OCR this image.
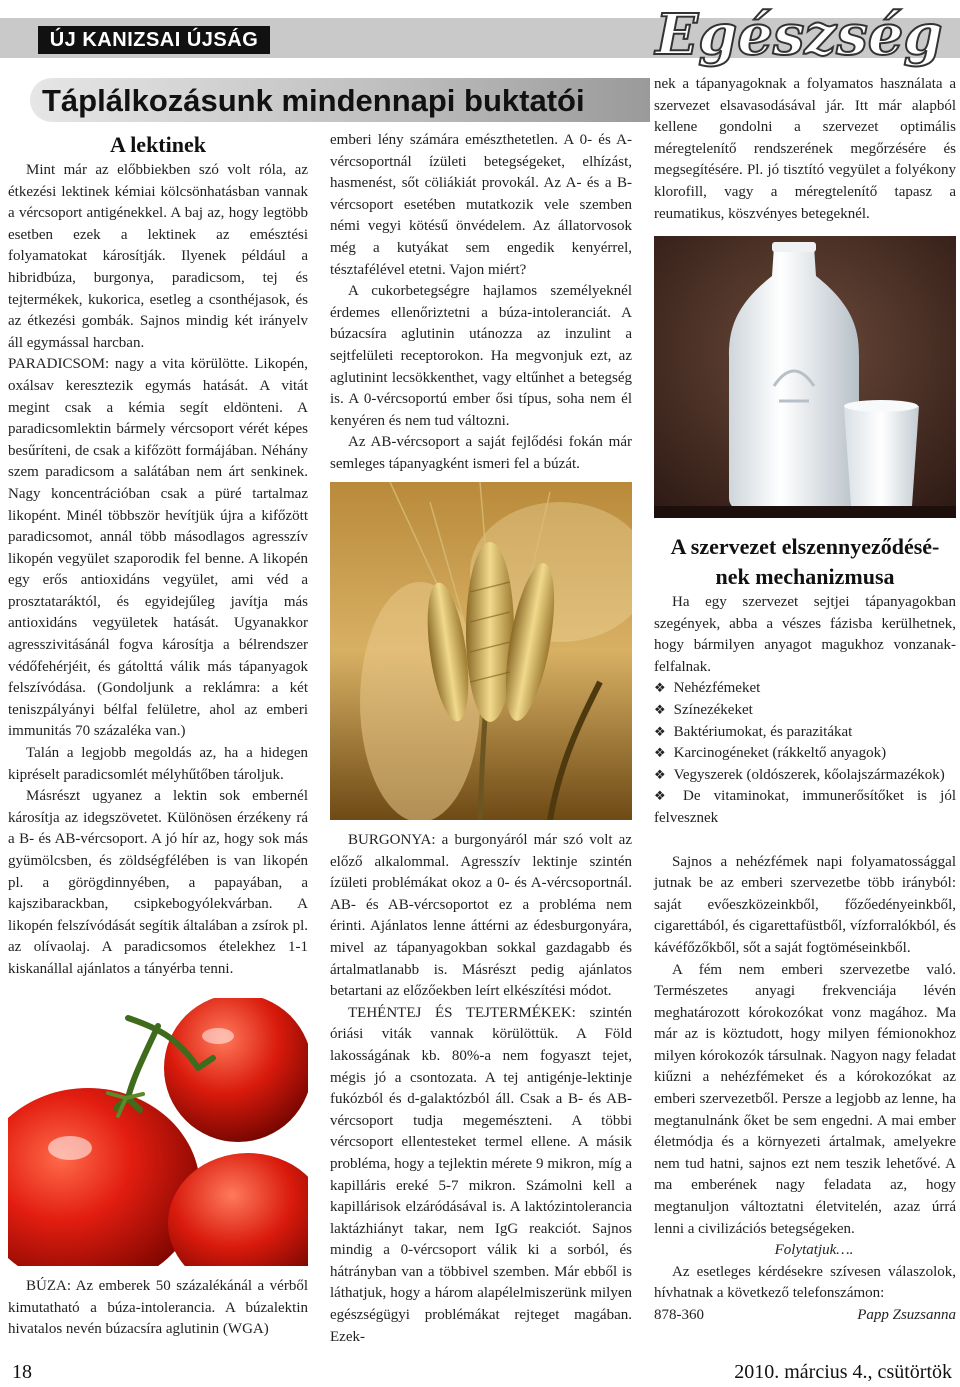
ÚJ KANIZSAI ÚJSÁG	Egészség
Táplálkozásunk mindennapi buktatói
A lektinek

Mint már az előbbiekben szó volt róla, az étkezési lektinek kémiai kölcsönhatásban vannak a vércsoport antigénekkel. A baj az, hogy legtöbb esetben ezek a lektinek az emésztési folyamatokat károsítják. Ilyenek például a hibridbúza, burgonya, paradicsom, tej és tejtermékek, kukorica, esetleg a csonthéjasok, és az étkezési gombák. Sajnos mindig két irányelv áll egymással harcban.

PARADICSOM: nagy a vita körülötte. Likopén, oxálsav keresztezik egymás hatását. A vitát megint csak a kémia segít eldönteni. A paradicsomlektin bármely vércsoport vérét képes besűríteni, de csak a kifőzött formájában. Néhány szem paradicsom a salátában nem árt senkinek. Nagy koncentrációban csak a püré tartalmaz likopént. Minél többször hevítjük újra a kifőzött paradicsomot, annál több másodlagos agresszív likopén vegyület szaporodik fel benne. A likopén egy erős antioxidáns vegyület, ami véd a prosztataráktól, és egyidejűleg javítja más antioxidáns vegyületek hatását. Ugyanakkor agresszivitásánál fogva károsítja a bélrendszer védőfehérjéit, és gátolttá válik más tápanyagok felszívódása. (Gondoljunk a reklámra: a két teniszpályányi bélfal felületre, ahol az emberi immunitás 70 százaléka van.)

Talán a legjobb megoldás az, ha a hidegen kipréselt paradicsomlét mélyhűtőben tároljuk.

Másrészt ugyanez a lektin sok embernél károsítja az idegszövetet. Különösen érzékeny rá a B- és AB-vércsoport. A jó hír az, hogy sok más gyümölcsben, és zöldségfélében is van likopén pl. a görögdinnyében, a papayában, a kajszibarackban, csipkebogyólekvárban. A likopén felszívódását segítik általában a zsírok pl. az olívaolaj. A paradicsomos ételekhez 1-1 kiskanállal ajánlatos a tányérba tenni.

BÚZA: Az emberek 50 százalékánál a vérből kimutatható a búza-intolerancia. A búzalektin hivatalos nevén búzacsíra aglutinin (WGA)

emberi lény számára emészthetetlen. A 0- és A-vércsoportnál ízületi betegségeket, elhízást, hasmenést, sőt cöliákiát provokál. Az A- és a B-vércsoport esetében mutatkozik vele szemben némi vegyi kötésű önvédelem. Az állatorvosok még a kutyákat sem engedik kenyérrel, tésztafélével etetni. Vajon miért?

A cukorbetegségre hajlamos személyeknél érdemes ellenőriztetni a búza-intoleranciát. A búzacsíra aglutinin utánozza az inzulint a sejtfelületi receptorokon. Ha megvonjuk ezt, az aglutinint lecsökkenthet, vagy eltűnhet a betegség is. A 0-vércsoportú ember ősi típus, soha nem él kenyéren és nem tud változni.

Az AB-vércsoport a saját fejlődési fokán már semleges tápanyagként ismeri fel a búzát.

BURGONYA: a burgonyáról már szó volt az előző alkalommal. Agresszív lektinje szintén ízületi problémákat okoz a 0- és A-vércsoportnál. AB- és AB-vércsoportot ez a probléma nem érinti. Ajánlatos lenne áttérni az édesburgonyára, mivel az tápanyagokban sokkal gazdagabb és ártalmatlanabb is. Másrészt pedig ajánlatos betartani az előzőekben leírt elkészítési módot.

TEHÉNTEJ ÉS TEJTERMÉKEK: szintén óriási viták vannak körülöttük. A Föld lakosságának kb. 80%-a nem fogyaszt tejet, mégis jó a csontozata. A tej antigénje-lektinje fukózból és d-galaktózból áll. Csak a B- és AB-vércsoport tudja megemészteni. A többi vércsoport ellentesteket termel ellene. A másik probléma, hogy a tejlektin mérete 9 mikron, míg a kapilláris ereké 5-7 mikron. Számolni kell a kapillárisok elzáródásával is. A laktózintolerancia laktázhiányt takar, nem IgG reakciót. Sajnos mindig a 0-vércsoport válik ki a sorból, és hátrányban van a többivel szemben. Már ebből is láthatjuk, hogy a három alapélelmiszerünk milyen egészségügyi problémákat rejteget magában. Ezek-

nek a tápanyagoknak a folyamatos használata a szervezet elsavasodásával jár. Itt már alapból kellene gondolni a szervezet optimális méregtelenítő rendszerének megőrzésére és megsegítésére. Pl. jó tisztító vegyület a folyékony klorofill, vagy a méregtelenítő tapasz a reumatikus, köszvényes betegeknél.

A szervezet elszennyeződésé-
nek mechanizmusa

Ha egy szervezet sejtjei tápanyagokban szegények, abba a vészes fázisba kerülhetnek, hogy bármilyen anyagot magukhoz vonzanak-felfalnak.

❖ Nehézfémeket
❖ Színezékeket
❖ Baktériumokat, és parazitákat
❖ Karcinogéneket (rákkeltő anyagok)
❖ Vegyszerek (oldószerek, kőolajszármazékok)
❖ De vitaminokat, immunerősítőket is jól felvesznek

Sajnos a nehézfémek napi folyamatossággal jutnak be az emberi szervezetbe több irányból: saját evőeszközeinkből, főzőedényeinkből, cigarettából, és cigarettafüstből, vízforralókból, és kávéfőzőkből, sőt a saját fogtöméseinkből.

A fém nem emberi szervezetbe való. Természetes anyagi frekvenciája lévén meghatározott kórokozókat vonz magához. Ma már az is köztudott, hogy milyen fémionokhoz milyen kórokozók társulnak. Nagyon nagy feladat kiűzni a nehézfémeket és a kórokozókat az emberi szervezetből. Persze a legjobb az lenne, ha megtanulnánk őket be sem engedni. A mai ember életmódja és a környezeti ártalmak, amelyekre nem tud hatni, sajnos ezt nem teszik lehetővé. A ma emberének nagy feladata az, hogy megtanuljon változtatni életvitelén, azaz úrrá lenni a civilizációs betegségeken.

Folytatjuk….

Az esetleges kérdésekre szívesen válaszolok, hívhatnak a következő telefonszámon:

878-360	Papp Zsuzsanna
18	2010. március 4., csütörtök
